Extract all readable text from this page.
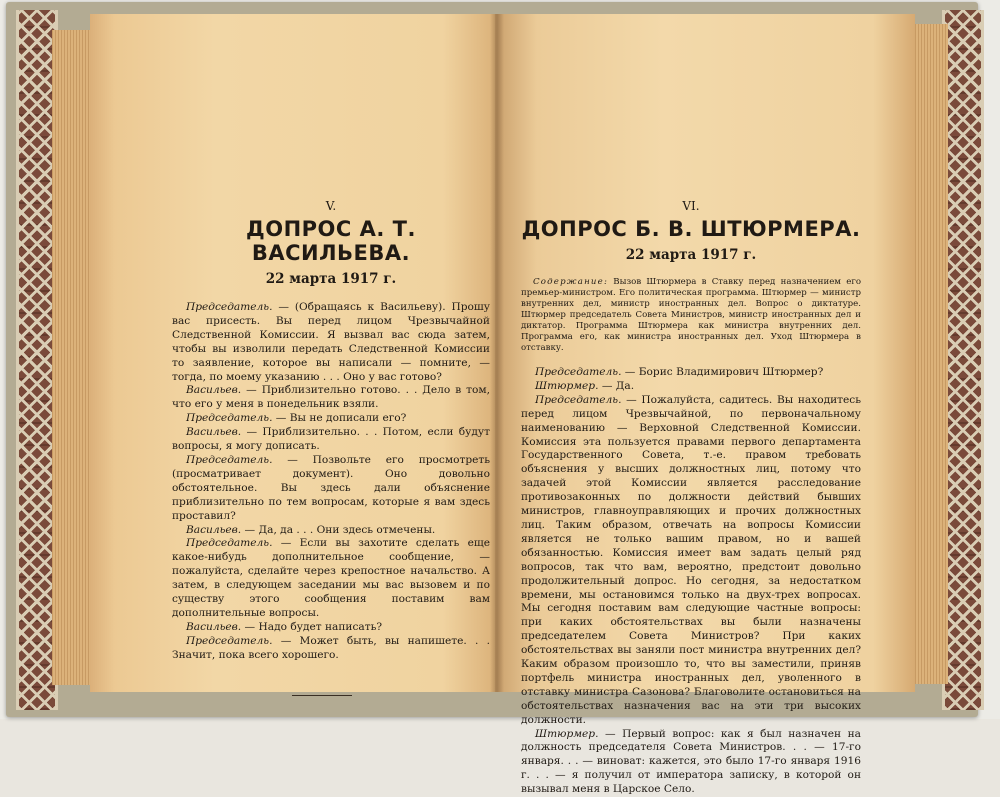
V.
ДОПРОС А. Т. ВАСИЛЬЕВА.
22 марта 1917 г.

Председатель. — (Обращаясь к Васильеву). Прошу вас присесть. Вы перед лицом Чрезвычайной Следственной Комиссии. Я вызвал вас сюда затем, чтобы вы изволили передать Следственной Комиссии то заявление, которое вы написали — помните, — тогда, по моему указанию . . . Оно у вас готово?

Васильев. — Приблизительно готово. . . Дело в том, что его у меня в понедельник взяли.

Председатель. — Вы не дописали его?

Васильев. — Приблизительно. . . Потом, если будут вопросы, я могу дописать.

Председатель. — Позвольте его просмотреть (просматривает документ). Оно довольно обстоятельное. Вы здесь дали объяснение приблизительно по тем вопросам, которые я вам здесь проставил?

Васильев. — Да, да . . . Они здесь отмечены.

Председатель. — Если вы захотите сделать еще какое-нибудь дополнительное сообщение, — пожалуйста, сделайте через крепостное начальство. А затем, в следующем заседании мы вас вызовем и по существу этого сообщения поставим вам дополнительные вопросы.

Васильев. — Надо будет написать?

Председатель. — Может быть, вы напишете. . . Значит, пока всего хорошего.

VI.
ДОПРОС Б. В. ШТЮРМЕРА.
22 марта 1917 г.
Содержание: Вызов Штюрмера в Ставку перед назначением его премьер-министром. Его политическая программа. Штюрмер — министр внутренних дел, министр иностранных дел. Вопрос о диктатуре. Штюрмер председатель Совета Министров, министр иностранных дел и диктатор. Программа Штюрмера как министра внутренних дел. Программа его, как министра иностранных дел. Уход Штюрмера в отставку.

Председатель. — Борис Владимирович Штюрмер?

Штюрмер. — Да.

Председатель. — Пожалуйста, садитесь. Вы находитесь перед лицом Чрезвычайной, по первоначальному наименованию — Верховной Следственной Комиссии. Комиссия эта пользуется правами первого департамента Государственного Совета, т.-е. правом требовать объяснения у высших должностных лиц, потому что задачей этой Комиссии является расследование противозаконных по должности действий бывших министров, главноуправляющих и прочих должностных лиц. Таким образом, отвечать на вопросы Комиссии является не только вашим правом, но и вашей обязанностью. Комиссия имеет вам задать целый ряд вопросов, так что вам, вероятно, предстоит довольно продолжительный допрос. Но сегодня, за недостатком времени, мы остановимся только на двух-трех вопросах. Мы сегодня поставим вам следующие частные вопросы: при каких обстоятельствах вы были назначены председателем Совета Министров? При каких обстоятельствах вы заняли пост министра внутренних дел? Каким образом произошло то, что вы заместили, приняв портфель министра иностранных дел, уволенного в отставку министра Сазонова? Благоволите остановиться на обстоятельствах назначения вас на эти три высоких должности.

Штюрмер. — Первый вопрос: как я был назначен на должность председателя Совета Министров. . . — 17-го января. . . — виноват: кажется, это было 17-го января 1916 г. . . — я получил от императора записку, в которой он вызывал меня в Царское Село.
